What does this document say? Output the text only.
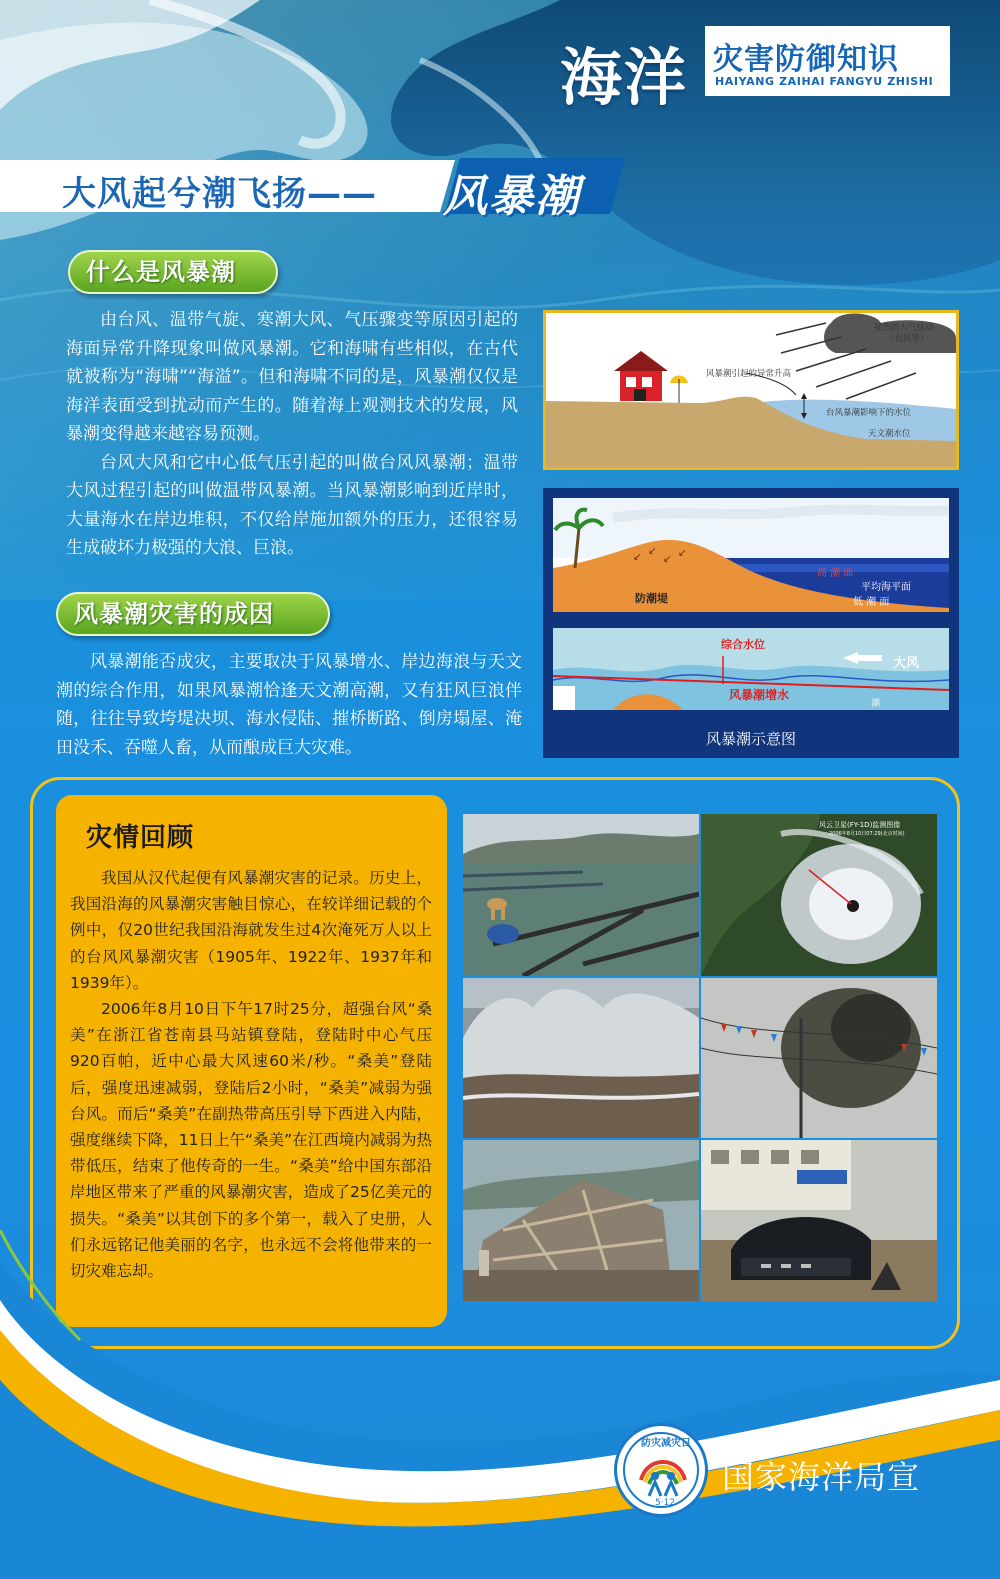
海洋 灾害防御知识
HAIYANG ZAIHAI FANGYU ZHISHI
大风起兮潮飞扬—— 风暴潮
什么是风暴潮

由台风、温带气旋、寒潮大风、气压骤变等原因引起的海面异常升降现象叫做风暴潮。它和海啸有些相似，在古代就被称为“海啸”“海溢”。但和海啸不同的是，风暴潮仅仅是海洋表面受到扰动而产生的。随着海上观测技术的发展，风暴潮变得越来越容易预测。

台风大风和它中心低气压引起的叫做台风风暴潮；温带大风过程引起的叫做温带风暴潮。当风暴潮影响到近岸时，大量海水在岸边堆积，不仅给岸施加额外的压力，还很容易生成破坏力极强的大浪、巨浪。

强烈的大气扰动
（台风等）
风暴潮引起的异常升高
台风暴潮影响下的水位
天文潮水位
↙
↙
↙
↙
高 潮 面
平均海平面
低 潮 面
防潮堤
综合水位
大风
风暴潮增水
潮
风暴潮示意图
风暴潮灾害的成因

风暴潮能否成灾，主要取决于风暴增水、岸边海浪与天文潮的综合作用，如果风暴潮恰逢天文潮高潮，又有狂风巨浪伴随，往往导致垮堤决坝、海水侵陆、摧桥断路、倒房塌屋、淹田没禾、吞噬人畜，从而酿成巨大灾难。

灾情回顾

我国从汉代起便有风暴潮灾害的记录。历史上，我国沿海的风暴潮灾害触目惊心，在较详细记载的个例中，仅20世纪我国沿海就发生过4次淹死万人以上的台风风暴潮灾害（1905年、1922年、1937年和1939年）。

2006年8月10日下午17时25分，超强台风“桑美”在浙江省苍南县马站镇登陆，登陆时中心气压920百帕，近中心最大风速60米/秒。“桑美”登陆后，强度迅速减弱，登陆后2小时，“桑美”减弱为强台风。而后“桑美”在副热带高压引导下西进入内陆，强度继续下降，11日上午“桑美”在江西境内减弱为热带低压，结束了他传奇的一生。“桑美”给中国东部沿岸地区带来了严重的风暴潮灾害，造成了25亿美元的损失。“桑美”以其创下的多个第一，载入了史册，人们永远铭记他美丽的名字，也永远不会将他带来的一切灾难忘却。

风云卫星(FY-1D)监测图像
2006年8月10日07:29(北京时间)
防灾减灾日
5·12
国家海洋局宣
